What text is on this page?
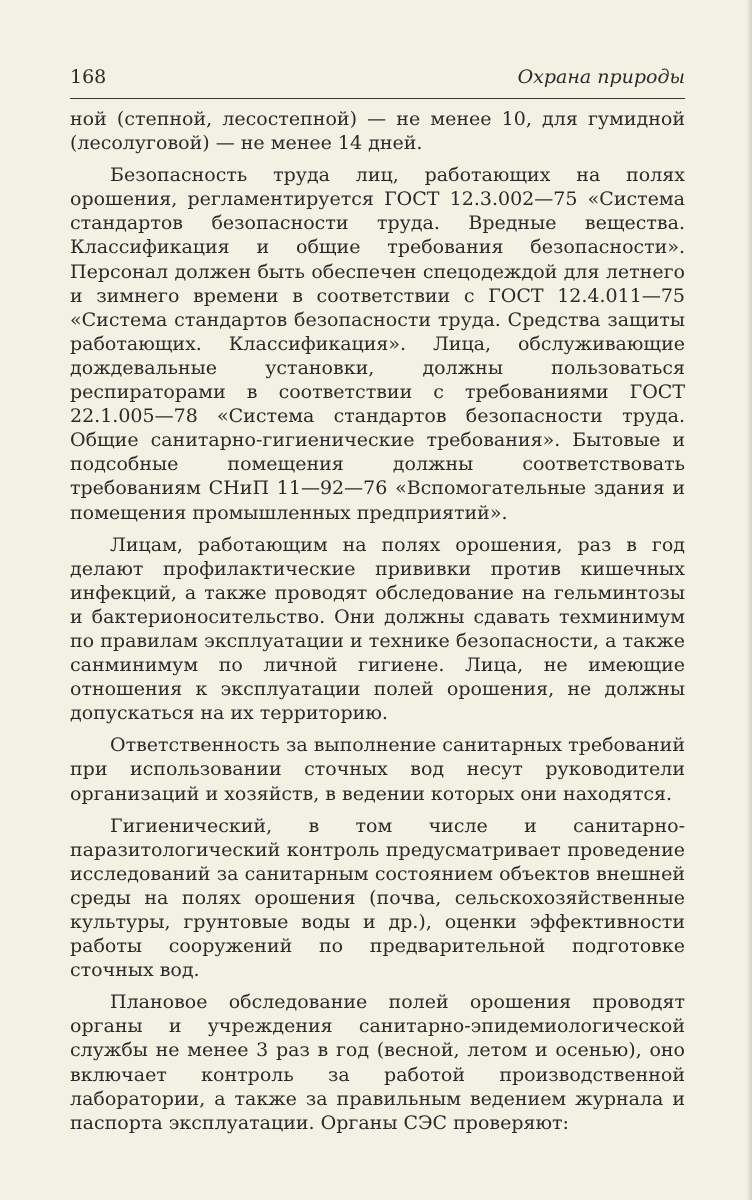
168	Охрана природы

ной (степной, лесостепной) — не менее 10, для гумидной (лесолуговой) — не менее 14 дней.

Безопасность труда лиц, работающих на полях орошения, регламентируется ГОСТ 12.3.002—75 «Система стандартов безопасности труда. Вредные вещества. Классификация и общие требования безопасности». Персонал должен быть обеспечен спецодеждой для летнего и зимнего времени в соответствии с ГОСТ 12.4.011—75 «Система стандартов безопасности труда. Средства защиты работающих. Классификация». Лица, обслуживающие дождевальные установки, должны пользоваться респираторами в соответствии с требованиями ГОСТ 22.1.005—78 «Система стандартов безопасности труда. Общие санитарно-гигиенические требования». Бытовые и подсобные помещения должны соответствовать требованиям СНиП 11—92—76 «Вспомогательные здания и помещения промышленных предприятий».

Лицам, работающим на полях орошения, раз в год делают профилактические прививки против кишечных инфекций, а также проводят обследование на гельминтозы и бактерионосительство. Они должны сдавать техминимум по правилам эксплуатации и технике безопасности, а также санминимум по личной гигиене. Лица, не имеющие отношения к эксплуатации полей орошения, не должны допускаться на их территорию.

Ответственность за выполнение санитарных требований при использовании сточных вод несут руководители организаций и хозяйств, в ведении которых они находятся.

Гигиенический, в том числе и санитарно-паразитологический контроль предусматривает проведение исследований за санитарным состоянием объектов внешней среды на полях орошения (почва, сельскохозяйственные культуры, грунтовые воды и др.), оценки эффективности работы сооружений по предварительной подготовке сточных вод.

Плановое обследование полей орошения проводят органы и учреждения санитарно-эпидемиологической службы не менее 3 раз в год (весной, летом и осенью), оно включает контроль за работой производственной лаборатории, а также за правильным ведением журнала и паспорта эксплуатации. Органы СЭС проверяют:
